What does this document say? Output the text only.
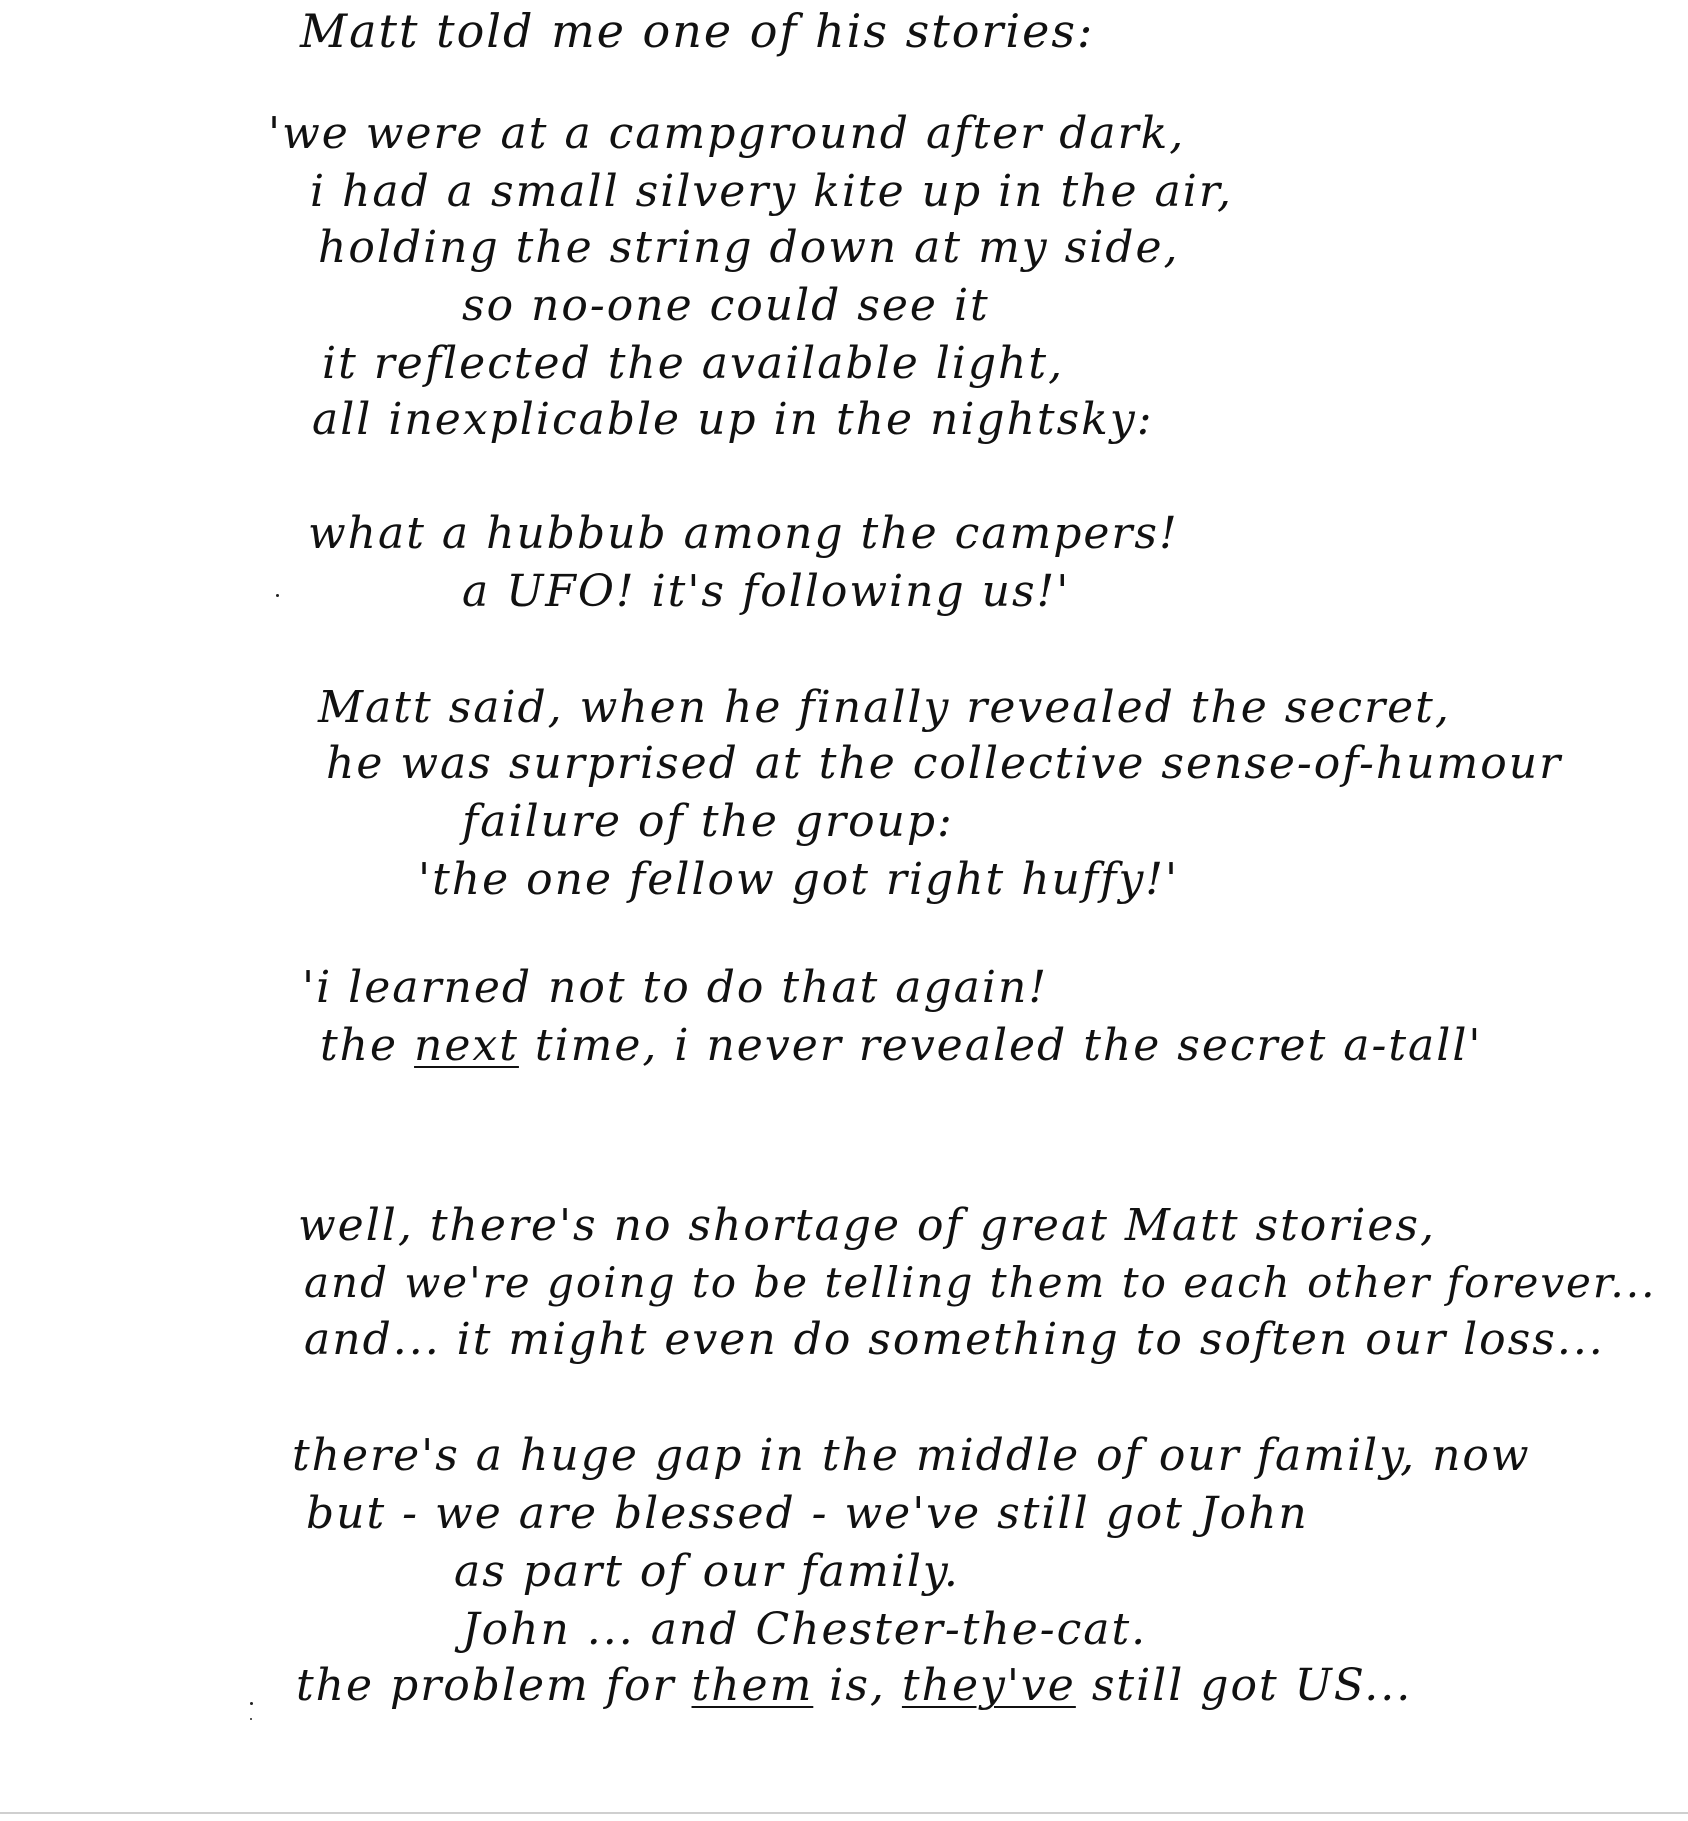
Matt told me one of his stories:
'we were at a campground after dark,
i had a small silvery kite up in the air,
holding the string down at my side,
so no-one could see it
it reflected the available light,
all inexplicable up in the nightsky:
what a hubbub among the campers!
a UFO! it's following us!'
Matt said, when he finally revealed the secret,
he was surprised at the collective sense-of-humour
failure of the group:
'the one fellow got right huffy!'
'i learned not to do that again!
the next time, i never revealed the secret a-tall'
well, there's no shortage of great Matt stories,
and we're going to be telling them to each other forever...
and... it might even do something to soften our loss...
there's a huge gap in the middle of our family, now
but - we are blessed - we've still got John
as part of our family.
John ... and Chester-the-cat.
the problem for them is, they've still got US...
